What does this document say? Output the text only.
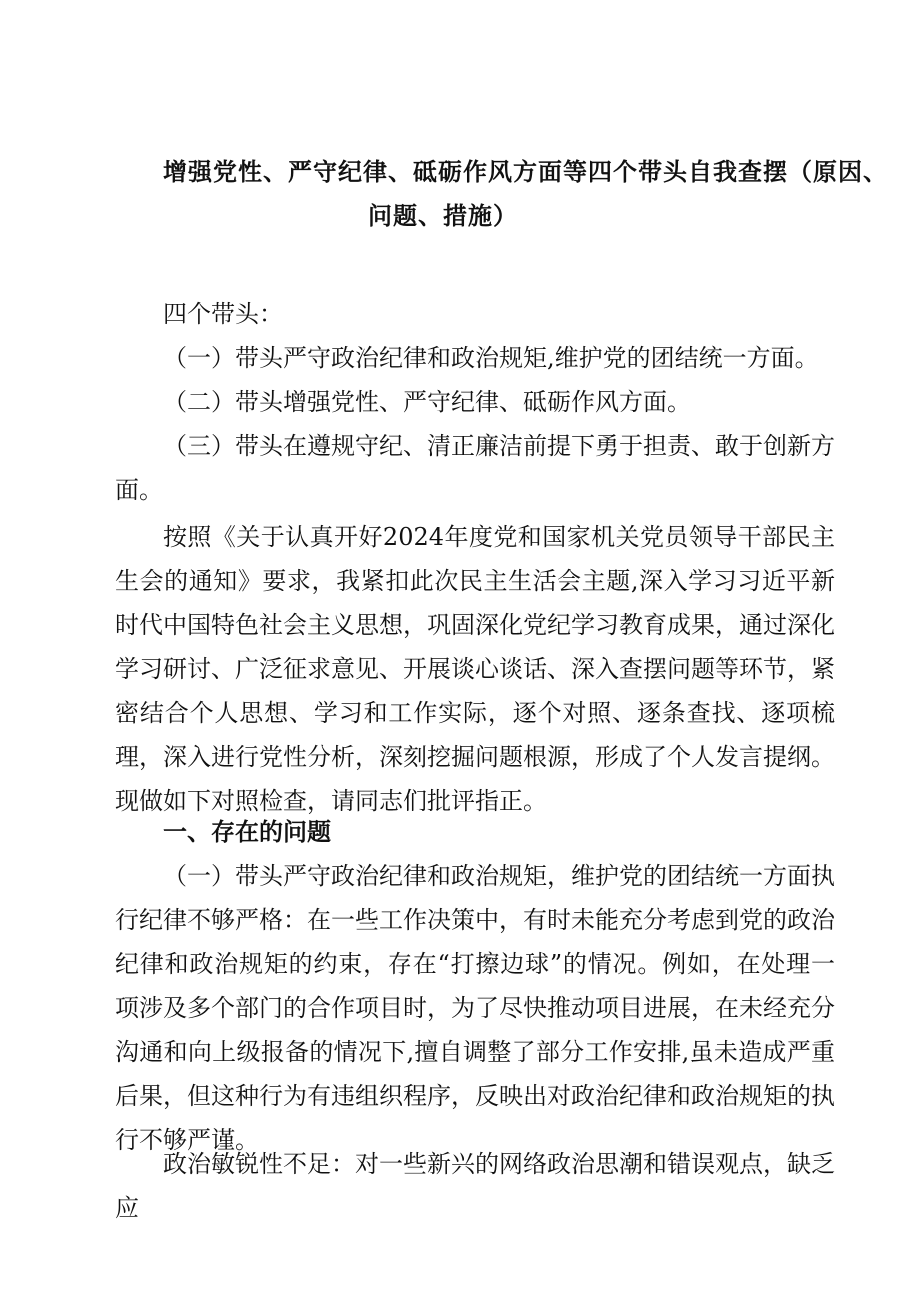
增强党性、严守纪律、砥砺作风方面等四个带头自我查摆（原因、
问题、措施）

四个带头：

（一）带头严守政治纪律和政治规矩,维护党的团结统一方面。

（二）带头增强党性、严守纪律、砥砺作风方面。

（三）带头在遵规守纪、清正廉洁前提下勇于担责、敢于创新方面。

按照《关于认真开好2024年度党和国家机关党员领导干部民主生会的通知》要求，我紧扣此次民主生活会主题,深入学习习近平新时代中国特色社会主义思想，巩固深化党纪学习教育成果，通过深化学习研讨、广泛征求意见、开展谈心谈话、深入查摆问题等环节，紧密结合个人思想、学习和工作实际，逐个对照、逐条查找、逐项梳理，深入进行党性分析，深刻挖掘问题根源，形成了个人发言提纲。现做如下对照检查，请同志们批评指正。

一、存在的问题

（一）带头严守政治纪律和政治规矩，维护党的团结统一方面执行纪律不够严格：在一些工作决策中，有时未能充分考虑到党的政治纪律和政治规矩的约束，存在“打擦边球”的情况。例如，在处理一项涉及多个部门的合作项目时，为了尽快推动项目进展，在未经充分沟通和向上级报备的情况下,擅自调整了部分工作安排,虽未造成严重后果，但这种行为有违组织程序，反映出对政治纪律和政治规矩的执行不够严谨。

政治敏锐性不足：对一些新兴的网络政治思潮和错误观点，缺乏应
